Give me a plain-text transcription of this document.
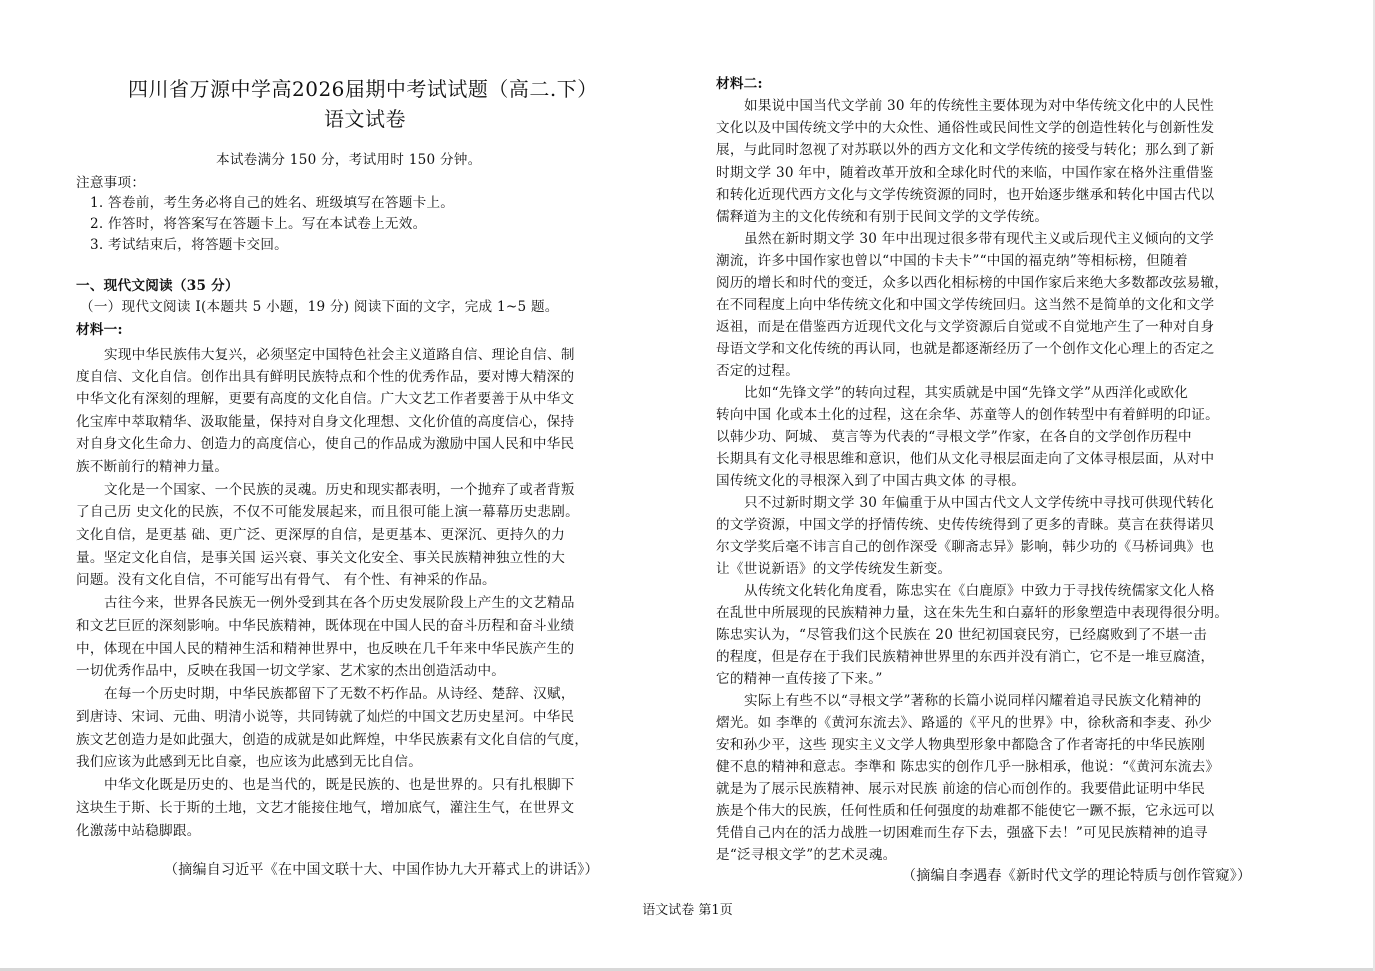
四川省万源中学高2026届期中考试试题（高二.下）
语文试卷
本试卷满分 150 分，考试用时 150 分钟。
注意事项：
1. 答卷前，考生务必将自己的姓名、班级填写在答题卡上。
2. 作答时，将答案写在答题卡上。写在本试卷上无效。
3. 考试结束后，将答题卡交回。
一、现代文阅读（35 分）
（一）现代文阅读 I(本题共 5 小题，19 分) 阅读下面的文字，完成 1~5 题。
材料一:
实现中华民族伟大复兴，必须坚定中国特色社会主义道路自信、理论自信、制
度自信、文化自信。创作出具有鲜明民族特点和个性的优秀作品，要对博大精深的
中华文化有深刻的理解，更要有高度的文化自信。广大文艺工作者要善于从中华文
化宝库中萃取精华、汲取能量，保持对自身文化理想、文化价值的高度信心，保持
对自身文化生命力、创造力的高度信心，使自己的作品成为激励中国人民和中华民
族不断前行的精神力量。
文化是一个国家、一个民族的灵魂。历史和现实都表明，一个抛弃了或者背叛
了自己历 史文化的民族，不仅不可能发展起来，而且很可能上演一幕幕历史悲剧。
文化自信，是更基 础、更广泛、更深厚的自信，是更基本、更深沉、更持久的力
量。坚定文化自信，是事关国 运兴衰、事关文化安全、事关民族精神独立性的大
问题。没有文化自信，不可能写出有骨气、 有个性、有神采的作品。
古往今来，世界各民族无一例外受到其在各个历史发展阶段上产生的文艺精品
和文艺巨匠的深刻影响。中华民族精神，既体现在中国人民的奋斗历程和奋斗业绩
中，体现在中国人民的精神生活和精神世界中，也反映在几千年来中华民族产生的
一切优秀作品中，反映在我国一切文学家、艺术家的杰出创造活动中。
在每一个历史时期，中华民族都留下了无数不朽作品。从诗经、楚辞、汉赋，
到唐诗、宋词、元曲、明清小说等，共同铸就了灿烂的中国文艺历史星河。中华民
族文艺创造力是如此强大，创造的成就是如此辉煌，中华民族素有文化自信的气度，
我们应该为此感到无比自豪，也应该为此感到无比自信。
中华文化既是历史的、也是当代的，既是民族的、也是世界的。只有扎根脚下
这块生于斯、长于斯的土地，文艺才能接住地气，增加底气，灌注生气，在世界文
化激荡中站稳脚跟。
（摘编自习近平《在中国文联十大、中国作协九大开幕式上的讲话》）
材料二:
如果说中国当代文学前 30 年的传统性主要体现为对中华传统文化中的人民性
文化以及中国传统文学中的大众性、通俗性或民间性文学的创造性转化与创新性发
展，与此同时忽视了对苏联以外的西方文化和文学传统的接受与转化；那么到了新
时期文学 30 年中，随着改革开放和全球化时代的来临，中国作家在格外注重借鉴
和转化近现代西方文化与文学传统资源的同时，也开始逐步继承和转化中国古代以
儒释道为主的文化传统和有别于民间文学的文学传统。
虽然在新时期文学 30 年中出现过很多带有现代主义或后现代主义倾向的文学
潮流，许多中国作家也曾以“中国的卡夫卡”“中国的福克纳”等相标榜，但随着
阅历的增长和时代的变迁，众多以西化相标榜的中国作家后来绝大多数都改弦易辙，
在不同程度上向中华传统文化和中国文学传统回归。这当然不是简单的文化和文学
返祖，而是在借鉴西方近现代文化与文学资源后自觉或不自觉地产生了一种对自身
母语文学和文化传统的再认同，也就是都逐渐经历了一个创作文化心理上的否定之
否定的过程。
比如“先锋文学”的转向过程，其实质就是中国“先锋文学”从西洋化或欧化
转向中国 化或本土化的过程，这在余华、苏童等人的创作转型中有着鲜明的印证。
以韩少功、阿城、 莫言等为代表的“寻根文学”作家，在各自的文学创作历程中
长期具有文化寻根思维和意识，他们从文化寻根层面走向了文体寻根层面，从对中
国传统文化的寻根深入到了中国古典文体 的寻根。
只不过新时期文学 30 年偏重于从中国古代文人文学传统中寻找可供现代转化
的文学资源，中国文学的抒情传统、史传传统得到了更多的青睐。莫言在获得诺贝
尔文学奖后毫不讳言自己的创作深受《聊斋志异》影响，韩少功的《马桥词典》也
让《世说新语》的文学传统发生新变。
从传统文化转化角度看，陈忠实在《白鹿原》中致力于寻找传统儒家文化人格
在乱世中所展现的民族精神力量，这在朱先生和白嘉轩的形象塑造中表现得很分明。
陈忠实认为，“尽管我们这个民族在 20 世纪初国衰民穷，已经腐败到了不堪一击
的程度，但是存在于我们民族精神世界里的东西并没有消亡，它不是一堆豆腐渣，
它的精神一直传接了下来。”
实际上有些不以“寻根文学”著称的长篇小说同样闪耀着追寻民族文化精神的
熠光。如 李準的《黄河东流去》、路遥的《平凡的世界》中，徐秋斋和李麦、孙少
安和孙少平，这些 现实主义文学人物典型形象中都隐含了作者寄托的中华民族刚
健不息的精神和意志。李準和 陈忠实的创作几乎一脉相承，他说：“《黄河东流去》
就是为了展示民族精神、展示对民族 前途的信心而创作的。我要借此证明中华民
族是个伟大的民族，任何性质和任何强度的劫难都不能使它一蹶不振，它永远可以
凭借自己内在的活力战胜一切困难而生存下去，强盛下去！”可见民族精神的追寻
是“泛寻根文学”的艺术灵魂。
（摘编自李遇春《新时代文学的理论特质与创作管窥》）
语文试卷 第1页
